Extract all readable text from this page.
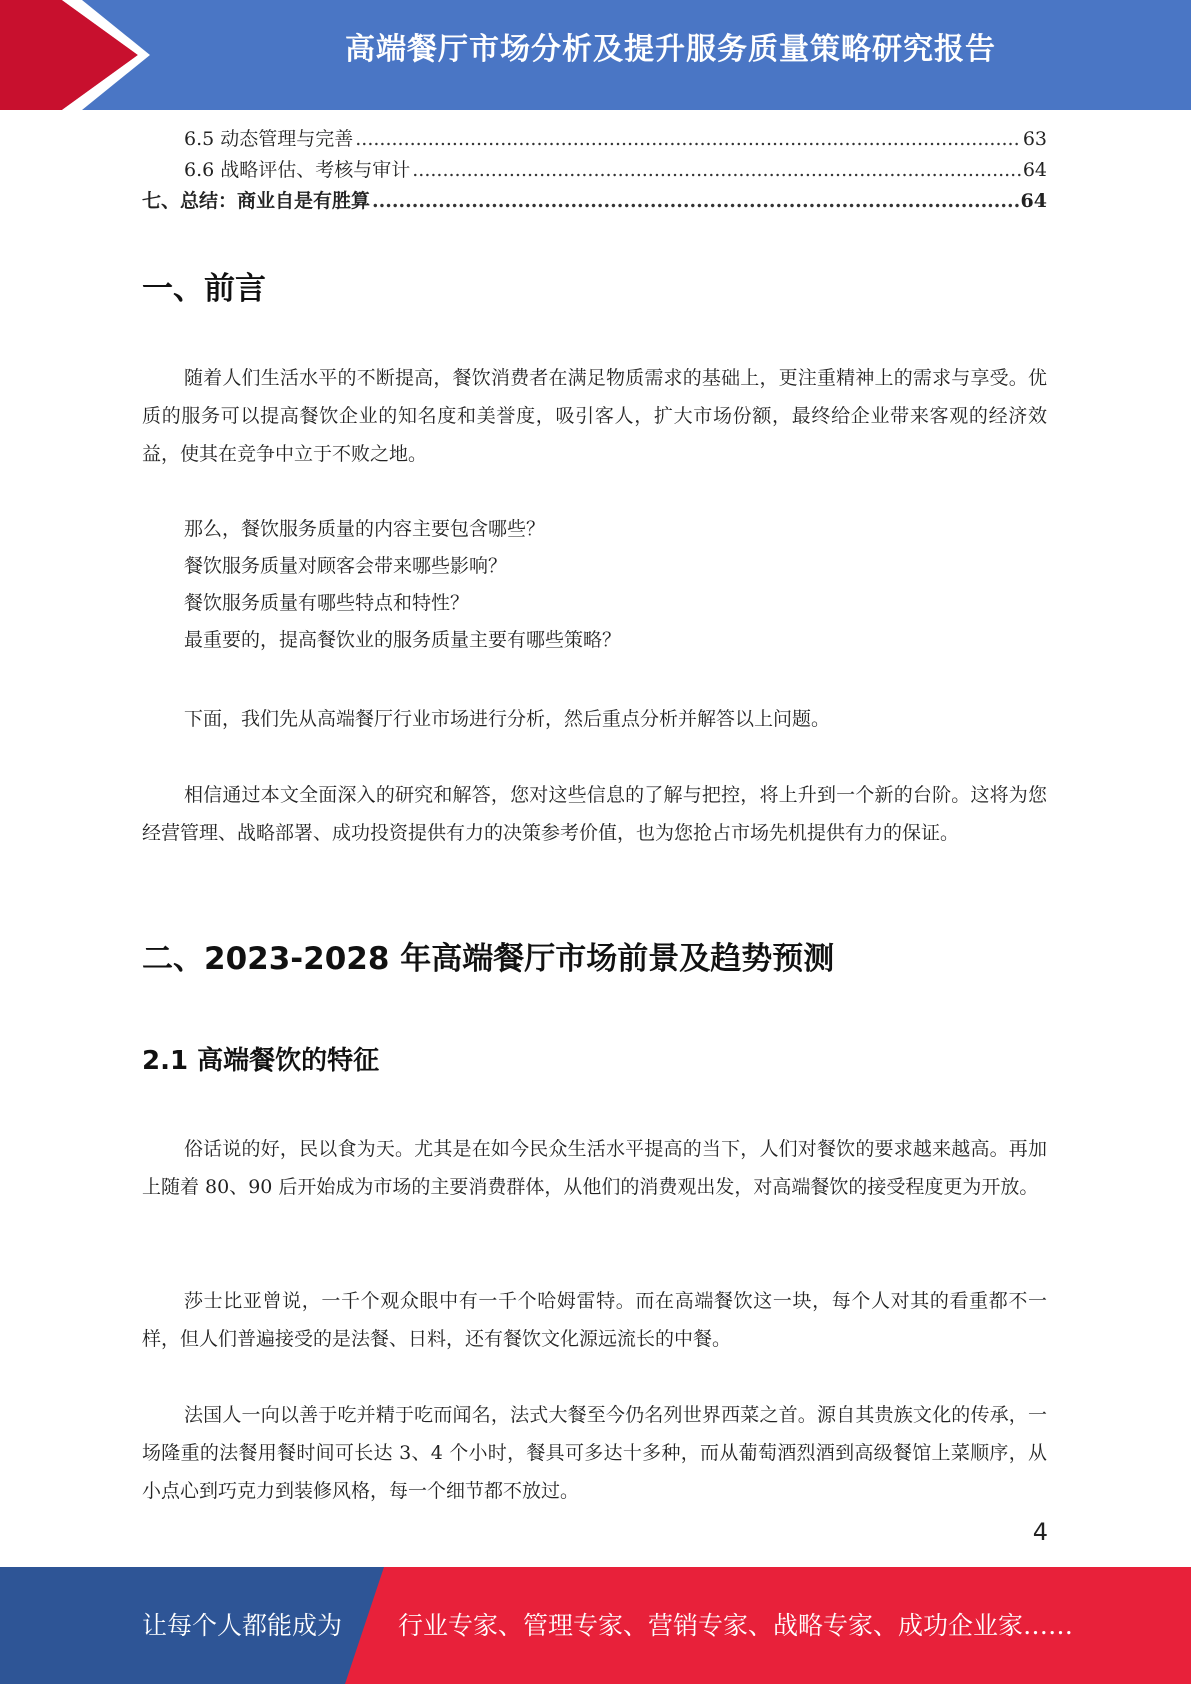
高端餐厅市场分析及提升服务质量策略研究报告
6.5 动态管理与完善 .....	63
6.6 战略评估、考核与审计 .....	64
七、总结：商业自是有胜算 .....	64
一、前言

随着人们生活水平的不断提高，餐饮消费者在满足物质需求的基础上，更注重精神上的需求与享受。优质的服务可以提高餐饮企业的知名度和美誉度，吸引客人，扩大市场份额，最终给企业带来客观的经济效益，使其在竞争中立于不败之地。

那么，餐饮服务质量的内容主要包含哪些？

餐饮服务质量对顾客会带来哪些影响？

餐饮服务质量有哪些特点和特性？

最重要的，提高餐饮业的服务质量主要有哪些策略？

下面，我们先从高端餐厅行业市场进行分析，然后重点分析并解答以上问题。

相信通过本文全面深入的研究和解答，您对这些信息的了解与把控，将上升到一个新的台阶。这将为您经营管理、战略部署、成功投资提供有力的决策参考价值，也为您抢占市场先机提供有力的保证。

二、2023-2028 年高端餐厅市场前景及趋势预测
2.1 高端餐饮的特征

俗话说的好，民以食为天。尤其是在如今民众生活水平提高的当下，人们对餐饮的要求越来越高。再加上随着 80、90 后开始成为市场的主要消费群体，从他们的消费观出发，对高端餐饮的接受程度更为开放。

莎士比亚曾说，一千个观众眼中有一千个哈姆雷特。而在高端餐饮这一块，每个人对其的看重都不一样，但人们普遍接受的是法餐、日料，还有餐饮文化源远流长的中餐。

法国人一向以善于吃并精于吃而闻名，法式大餐至今仍名列世界西菜之首。源自其贵族文化的传承，一场隆重的法餐用餐时间可长达 3、4 个小时，餐具可多达十多种，而从葡萄酒烈酒到高级餐馆上菜顺序，从小点心到巧克力到装修风格，每一个细节都不放过。

4
让每个人都能成为 行业专家、管理专家、营销专家、战略专家、成功企业家……
